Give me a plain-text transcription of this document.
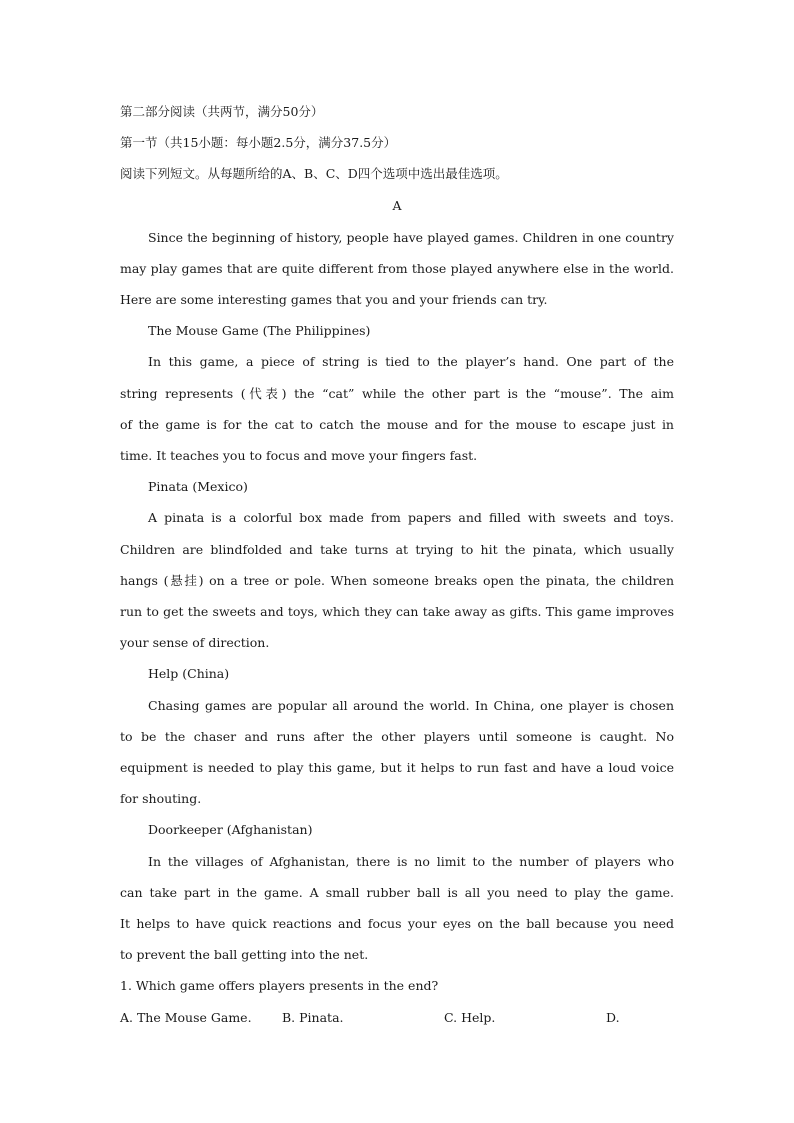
第二部分阅读（共两节，满分50分）
第一节（共15小题：每小题2.5分，满分37.5分）
阅读下列短文。从每题所给的A、B、C、D四个选项中选出最佳选项。
A
Since the beginning of history, people have played games. Children in one country
may play games that are quite different from those played anywhere else in the world.
Here are some interesting games that you and your friends can try.
The Mouse Game (The Philippines)
In this game, a piece of string is tied to the player’s hand. One part of the
string represents (代表) the “cat” while the other part is the “mouse”. The aim
of the game is for the cat to catch the mouse and for the mouse to escape just in
time. It teaches you to focus and move your fingers fast.
Pinata (Mexico)
A pinata is a colorful box made from papers and filled with sweets and toys.
Children are blindfolded and take turns at trying to hit the pinata, which usually
hangs (悬挂) on a tree or pole. When someone breaks open the pinata, the children
run to get the sweets and toys, which they can take away as gifts. This game improves
your sense of direction.
Help (China)
Chasing games are popular all around the world. In China, one player is chosen
to be the chaser and runs after the other players until someone is caught. No
equipment is needed to play this game, but it helps to run fast and have a loud voice
for shouting.
Doorkeeper (Afghanistan)
In the villages of Afghanistan, there is no limit to the number of players who
can take part in the game. A small rubber ball is all you need to play the game.
It helps to have quick reactions and focus your eyes on the ball because you need
to prevent the ball getting into the net.
1. Which game offers players presents in the end?
A. The Mouse Game. B. Pinata.	C. Help.	D.
